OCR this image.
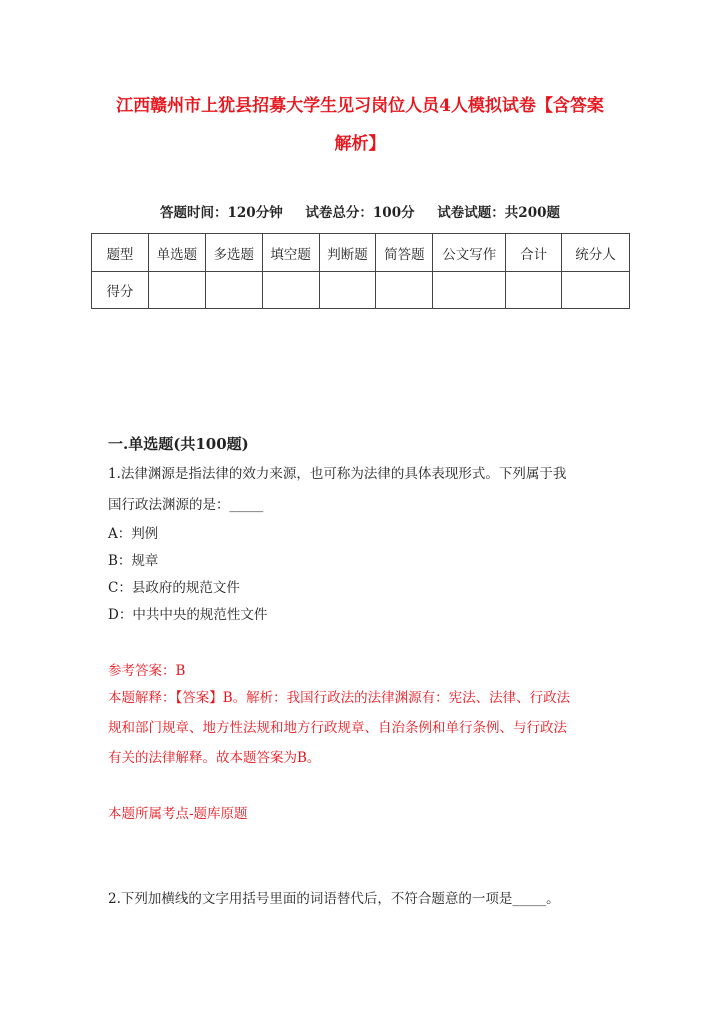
江西赣州市上犹县招募大学生见习岗位人员4人模拟试卷【含答案
解析】
答题时间：120分钟 试卷总分：100分 试卷试题：共200题
题型	单选题	多选题	填空题	判断题	简答题	公文写作	合计	统分人
得分								
一.单选题(共100题)
1.法律渊源是指法律的效力来源，也可称为法律的具体表现形式。下列属于我
国行政法渊源的是：_____
A：判例
B：规章
C：县政府的规范文件
D：中共中央的规范性文件
参考答案：B
本题解释：【答案】B。解析：我国行政法的法律渊源有：宪法、法律、行政法
规和部门规章、地方性法规和地方行政规章、自治条例和单行条例、与行政法
有关的法律解释。故本题答案为B。
本题所属考点-题库原题
2.下列加横线的文字用括号里面的词语替代后，不符合题意的一项是_____。
